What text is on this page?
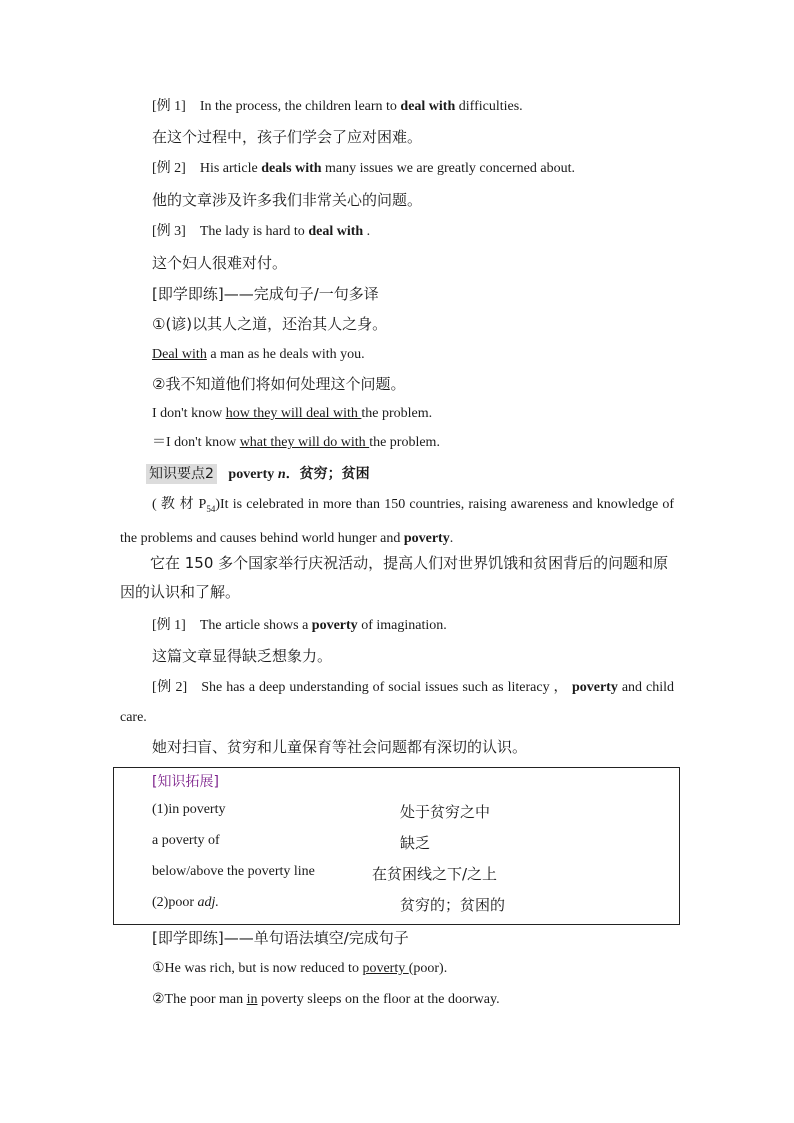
[例 1] In the process, the children learn to deal with difficulties.
在这个过程中，孩子们学会了应对困难。
[例 2] His article deals with many issues we are greatly concerned about.
他的文章涉及许多我们非常关心的问题。
[例 3] The lady is hard to deal with .
这个妇人很难对付。
[即学即练]——完成句子/一句多译
①(谚)以其人之道，还治其人之身。
Deal with a man as he deals with you.
②我不知道他们将如何处理这个问题。
I don't know how they will deal with the problem.
＝I don't know what they will do with the problem.
知识要点2 poverty n．贫穷；贫困
( 教 材 $P_{54})It$ is celebrated in more than 150 countries, raising awareness and knowledge of the problems and causes behind world hunger and poverty.
它在 150 多个国家举行庆祝活动，提高人们对世界饥饿和贫困背后的问题和原因的认识和了解。
[例 1] The article shows a poverty of imagination.
这篇文章显得缺乏想象力。
[例 2] She has a deep understanding of social issues such as literacy ， poverty and child care.
她对扫盲、贫穷和儿童保育等社会问题都有深切的认识。
[知识拓展]
(1)in poverty	处于贫穷之中
a poverty of	缺乏
below/above the poverty line	在贫困线之下/之上
(2)poor adj.	贫穷的；贫困的
[即学即练]——单句语法填空/完成句子
①He was rich, but is now reduced to poverty (poor).
②The poor man in poverty sleeps on the floor at the doorway.
